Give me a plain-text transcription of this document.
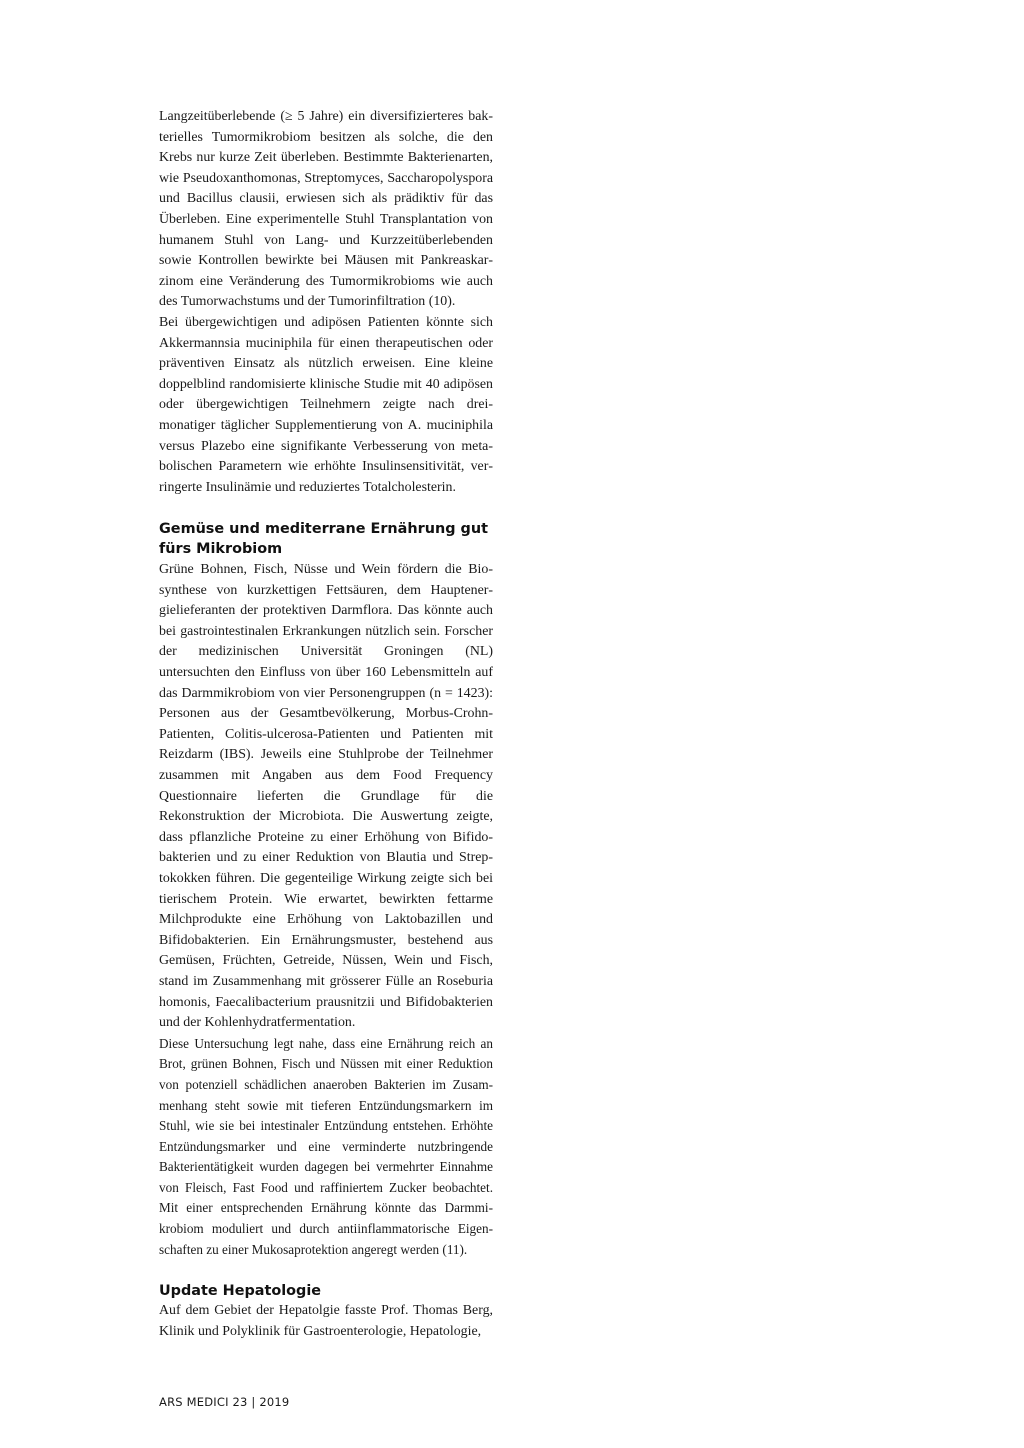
Langzeitüberlebende (≥ 5 Jahre) ein diversifizierteres bakterielles Tumormikrobiom besitzen als solche, die den Krebs nur kurze Zeit überleben. Bestimmte Bakterienarten, wie Pseudoxanthomonas, Streptomyces, Saccharopolyspora und Bacillus clausii, erwiesen sich als prädiktiv für das Überleben. Eine experimentelle Stuhl Transplantation von humanem Stuhl von Lang- und Kurzzeitüberlebenden sowie Kontrollen bewirkte bei Mäusen mit Pankreaskarzinom eine Veränderung des Tumormikrobioms wie auch des Tumorwachstums und der Tumorinfiltration (10).

Bei übergewichtigen und adipösen Patienten könnte sich Akkermannsia muciniphila für einen therapeutischen oder präventiven Einsatz als nützlich erweisen. Eine kleine doppelblind randomisierte klinische Studie mit 40 adipösen oder übergewichtigen Teilnehmern zeigte nach dreimonatiger täglicher Supplementierung von A. muciniphila versus Plazebo eine signifikante Verbesserung von metabolischen Parametern wie erhöhte Insulinsensitivität, verringerte Insulinämie und reduziertes Totalcholesterin.

Gemüse und mediterrane Ernährung gut fürs Mikrobiom

Grüne Bohnen, Fisch, Nüsse und Wein fördern die Biosynthese von kurzkettigen Fettsäuren, dem Hauptenergielieferanten der protektiven Darmflora. Das könnte auch bei gastrointestinalen Erkrankungen nützlich sein. Forscher der medizinischen Universität Groningen (NL) untersuchten den Einfluss von über 160 Lebensmitteln auf das Darmmikrobiom von vier Personengruppen (n = 1423): Personen aus der Gesamtbevölkerung, Morbus-Crohn-Patienten, Colitis-ulcerosa-Patienten und Patienten mit Reizdarm (IBS). Jeweils eine Stuhlprobe der Teilnehmer zusammen mit Angaben aus dem Food Frequency Questionnaire lieferten die Grundlage für die Rekonstruktion der Microbiota. Die Auswertung zeigte, dass pflanzliche Proteine zu einer Erhöhung von Bifidobakterien und zu einer Reduktion von Blautia und Streptokokken führen. Die gegenteilige Wirkung zeigte sich bei tierischem Protein. Wie erwartet, bewirkten fettarme Milchprodukte eine Erhöhung von Laktobazillen und Bifidobakterien. Ein Ernährungsmuster, bestehend aus Gemüsen, Früchten, Getreide, Nüssen, Wein und Fisch, stand im Zusammenhang mit grösserer Fülle an Roseburia homonis, Faecalibacterium prausnitzii und Bifidobakterien und der Kohlenhydratfermentation.

Diese Untersuchung legt nahe, dass eine Ernährung reich an Brot, grünen Bohnen, Fisch und Nüssen mit einer Reduktion von potenziell schädlichen anaeroben Bakterien im Zusammenhang steht sowie mit tieferen Entzündungsmarkern im Stuhl, wie sie bei intestinaler Entzündung entstehen. Erhöhte Entzündungsmarker und eine verminderte nutzbringende Bakterientätigkeit wurden dagegen bei vermehrter Einnahme von Fleisch, Fast Food und raffiniertem Zucker beobachtet. Mit einer entsprechenden Ernährung könnte das Darmmikrobiom moduliert und durch antiinflammatorische Eigenschaften zu einer Mukosaprotektion angeregt werden (11).

Update Hepatologie

Auf dem Gebiet der Hepatolgie fasste Prof. Thomas Berg, Klinik und Polyklinik für Gastroenterologie, Hepatologie,

ARS MEDICI 23 | 2019
